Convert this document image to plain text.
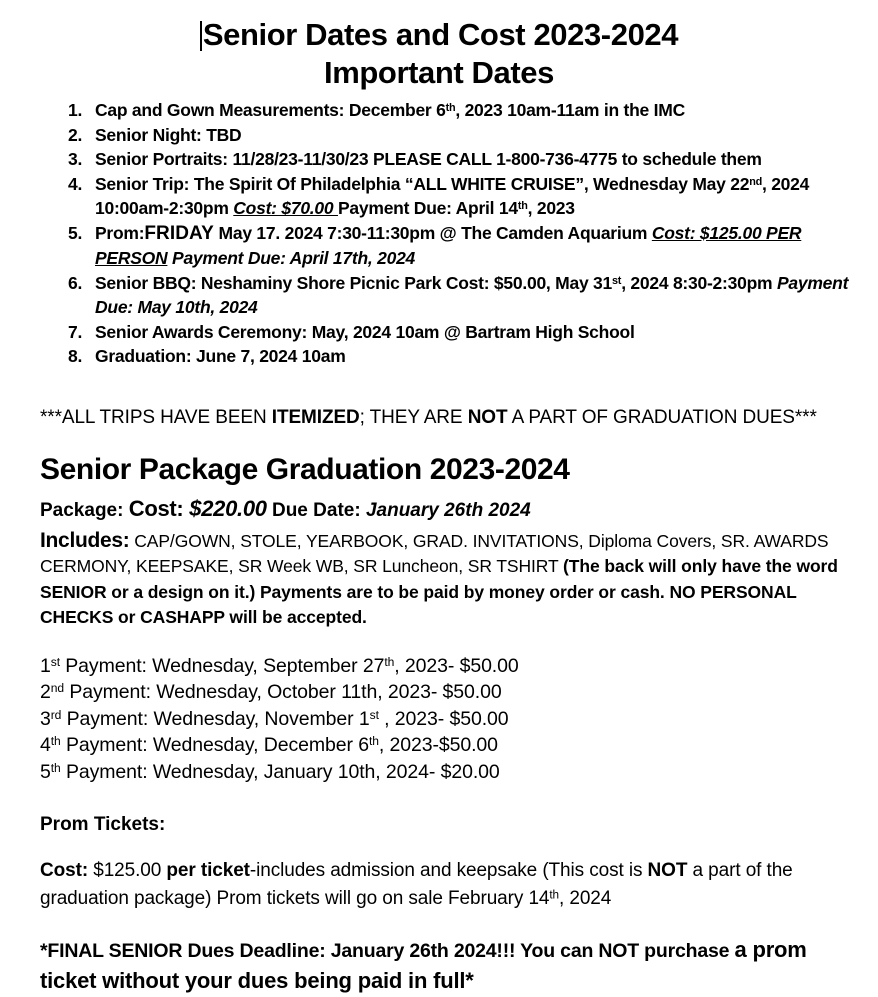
Senior Dates and Cost 2023-2024
Important Dates
1. Cap and Gown Measurements: December 6th, 2023 10am-11am in the IMC
2. Senior Night: TBD
3. Senior Portraits: 11/28/23-11/30/23 PLEASE CALL 1-800-736-4775 to schedule them
4. Senior Trip: The Spirit Of Philadelphia “ALL WHITE CRUISE”, Wednesday May 22nd, 2024 10:00am-2:30pm Cost: $70.00 Payment Due: April 14th, 2023
5. Prom:FRIDAY May 17. 2024 7:30-11:30pm @ The Camden Aquarium Cost: $125.00 PER PERSON Payment Due: April 17th, 2024
6. Senior BBQ: Neshaminy Shore Picnic Park Cost: $50.00, May 31st, 2024 8:30-2:30pm Payment Due: May 10th, 2024
7. Senior Awards Ceremony: May, 2024 10am @ Bartram High School
8. Graduation: June 7, 2024 10am

***ALL TRIPS HAVE BEEN ITEMIZED; THEY ARE NOT A PART OF GRADUATION DUES***

Senior Package Graduation 2023-2024
Package: Cost: $220.00 Due Date: January 26th 2024

Includes: CAP/GOWN, STOLE, YEARBOOK, GRAD. INVITATIONS, Diploma Covers, SR. AWARDS CERMONY, KEEPSAKE, SR Week WB, SR Luncheon, SR TSHIRT (The back will only have the word SENIOR or a design on it.) Payments are to be paid by money order or cash. NO PERSONAL CHECKS or CASHAPP will be accepted.

1st Payment: Wednesday, September 27th, 2023- $50.00
2nd Payment: Wednesday, October 11th, 2023- $50.00
3rd Payment: Wednesday, November 1st , 2023- $50.00
4th Payment: Wednesday, December 6th, 2023-$50.00
5th Payment: Wednesday, January 10th, 2024- $20.00
Prom Tickets:

Cost: $125.00 per ticket-includes admission and keepsake (This cost is NOT a part of the graduation package) Prom tickets will go on sale February 14th, 2024

*FINAL SENIOR Dues Deadline: January 26th 2024!!! You can NOT purchase a prom ticket without your dues being paid in full*
